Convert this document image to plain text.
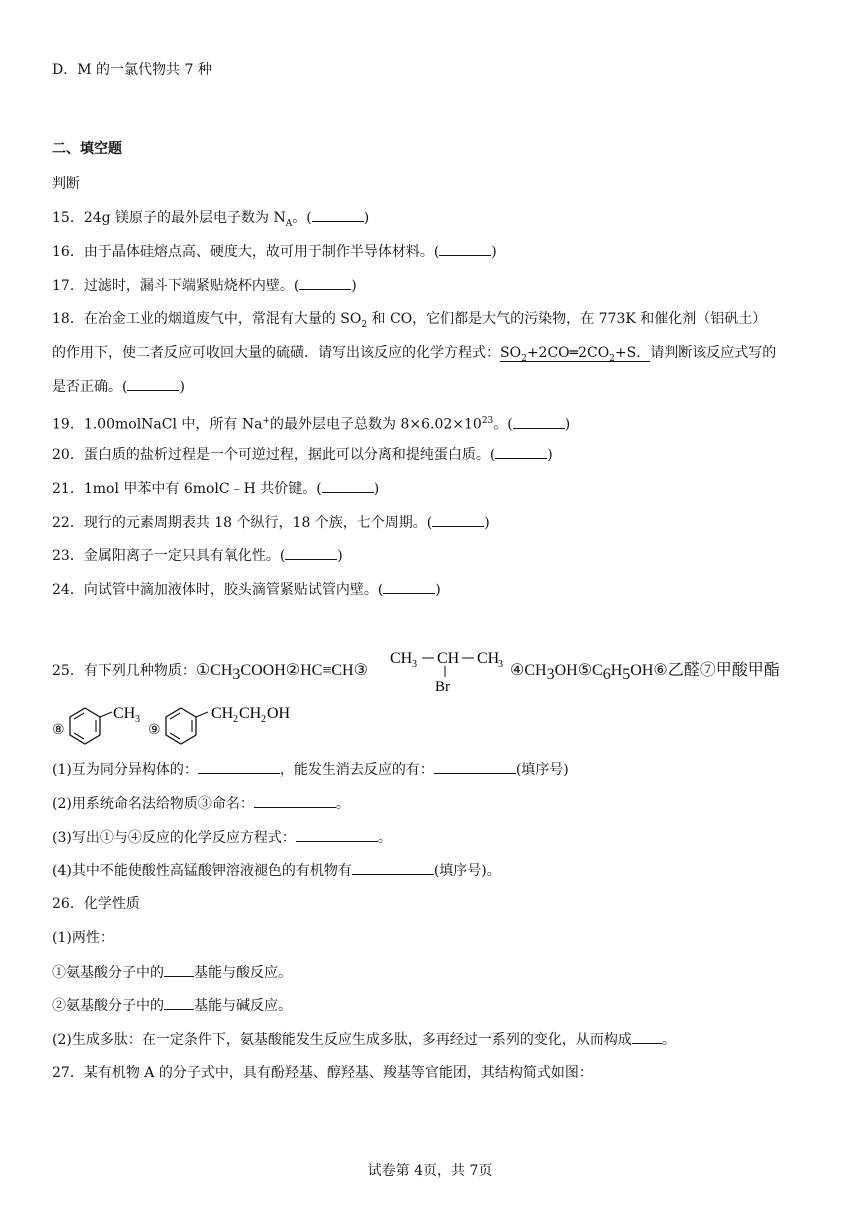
D．M 的一氯代物共 7 种
二、填空题
判断
15．24g 镁原子的最外层电子数为 $N_A$。(	)
16．由于晶体硅熔点高、硬度大，故可用于制作半导体材料。(	)
17．过滤时，漏斗下端紧贴烧杯内壁。(	)
18．在冶金工业的烟道废气中，常混有大量的 $SO_2$ 和 CO，它们都是大气的污染物，在 773K 和催化剂（铝矾土）
的作用下，使二者反应可收回大量的硫磺．请写出该反应的化学方程式：$SO_2+2CO═2CO_2+S$．请判断该反应式写的
是否正确。(	)
19．1.00molNaCl 中，所有 Na+的最外层电子总数为 $8\times 6.02\times 10^{23}$。(	)
20．蛋白质的盐析过程是一个可逆过程，据此可以分离和提纯蛋白质。(	)
21．1mol 甲苯中有 6molC﹣H 共价键。(	)
22．现行的元素周期表共 18 个纵行，18 个族，七个周期。(	)
23．金属阳离子一定只具有氧化性。(	)
24．向试管中滴加液体时，胶头滴管紧贴试管内壁。(	)
25．有下列几种物质：$①CH_3COOH②HC\equiv CH③$
CH 3 CH CH
3
Br
$④CH_3OH⑤C_6H_5OH⑥$乙醛⑦甲酸甲酯
⑧
CH 3
⑨
CH 2 CH 2 OH
(1)互为同分异构体的：	，能发生消去反应的有：	(填序号)
(2)用系统命名法给物质③命名：	。
(3)写出①与④反应的化学反应方程式：	。
(4)其中不能使酸性高锰酸钾溶液褪色的有机物有	(填序号)。
26．化学性质
(1)两性：
①氨基酸分子中的 基能与酸反应。
②氨基酸分子中的 基能与碱反应。
(2)生成多肽：在一定条件下，氨基酸能发生反应生成多肽，多再经过一系列的变化，从而构成 。
27．某有机物 A 的分子式中，具有酚羟基、醇羟基、羧基等官能团，其结构简式如图：
试卷第 4页，共 7页
